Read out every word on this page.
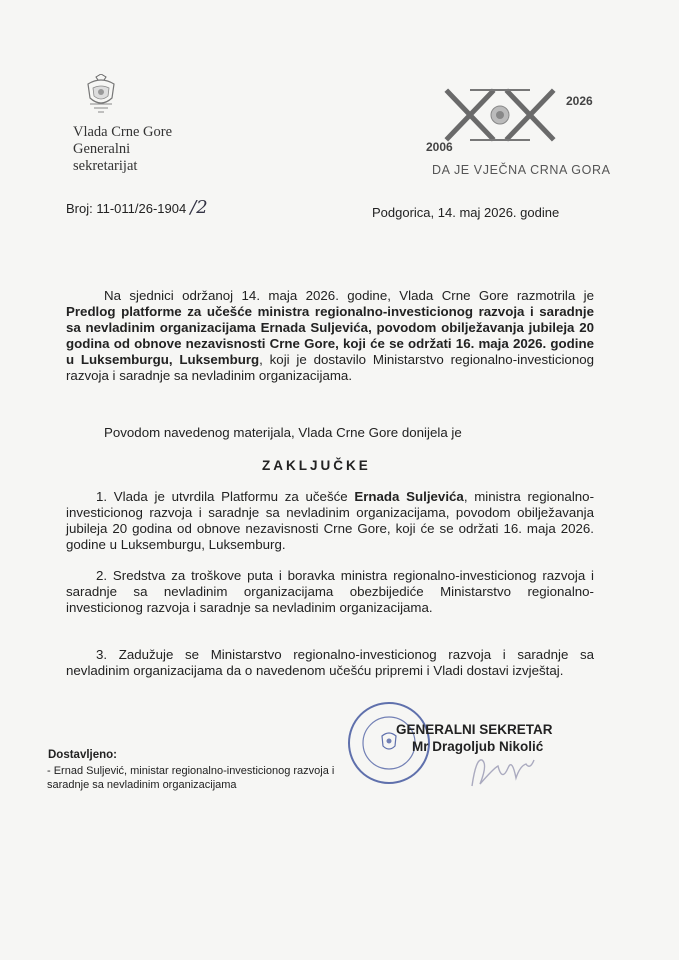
Vlada Crne Gore
Generalni
sekretarijat
2026
2006
DA JE VJEČNA CRNA GORA
Broj: 11-011/26-1904 /2	Podgorica, 14. maj 2026. godine
Na sjednici održanoj 14. maja 2026. godine, Vlada Crne Gore razmotrila je Predlog platforme za učešće ministra regionalno-investicionog razvoja i saradnje sa nevladinim organizacijama Ernada Suljevića, povodom obilježavanja jubileja 20 godina od obnove nezavisnosti Crne Gore, koji će se održati 16. maja 2026. godine u Luksemburgu, Luksemburg, koji je dostavilo Ministarstvo regionalno-investicionog razvoja i saradnje sa nevladinim organizacijama.
Povodom navedenog materijala, Vlada Crne Gore donijela je
ZAKLJUČKE
1. Vlada je utvrdila Platformu za učešće Ernada Suljevića, ministra regionalno-investicionog razvoja i saradnje sa nevladinim organizacijama, povodom obilježavanja jubileja 20 godina od obnove nezavisnosti Crne Gore, koji će se održati 16. maja 2026. godine u Luksemburgu, Luksemburg.
2. Sredstva za troškove puta i boravka ministra regionalno-investicionog razvoja i saradnje sa nevladinim organizacijama obezbijediće Ministarstvo regionalno-investicionog razvoja i saradnje sa nevladinim organizacijama.
3. Zadužuje se Ministarstvo regionalno-investicionog razvoja i saradnje sa nevladinim organizacijama da o navedenom učešću pripremi i Vladi dostavi izvještaj.
GENERALNI SEKRETAR
Mr Dragoljub Nikolić
Dostavljeno:
- Ernad Suljević, ministar regionalno-investicionog razvoja i saradnje sa nevladinim organizacijama
